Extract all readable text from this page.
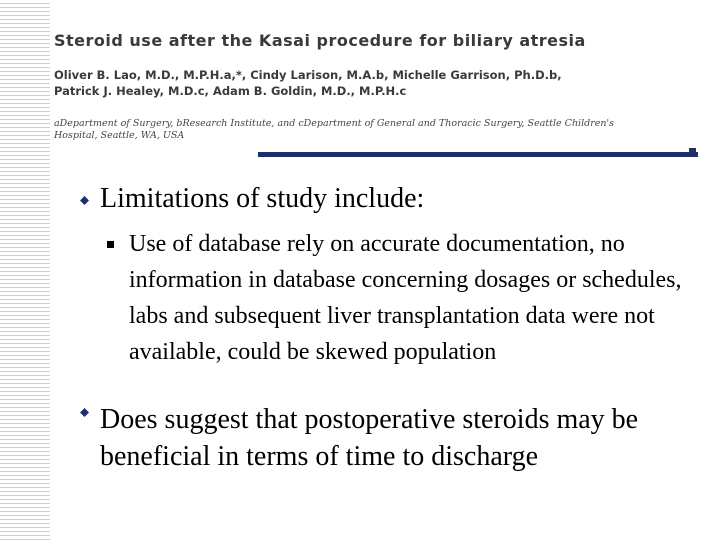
Steroid use after the Kasai procedure for biliary atresia
Oliver B. Lao, M.D., M.P.H.a,*, Cindy Larison, M.A.b, Michelle Garrison, Ph.D.b,
Patrick J. Healey, M.D.c, Adam B. Goldin, M.D., M.P.H.c
aDepartment of Surgery, bResearch Institute, and cDepartment of General and Thoracic Surgery, Seattle Children's
Hospital, Seattle, WA, USA
Limitations of study include:
Use of database rely on accurate documentation, no information in database concerning dosages or schedules, labs and subsequent liver transplantation data were not available, could be skewed population
Does suggest that postoperative steroids may be beneficial in terms of time to discharge
